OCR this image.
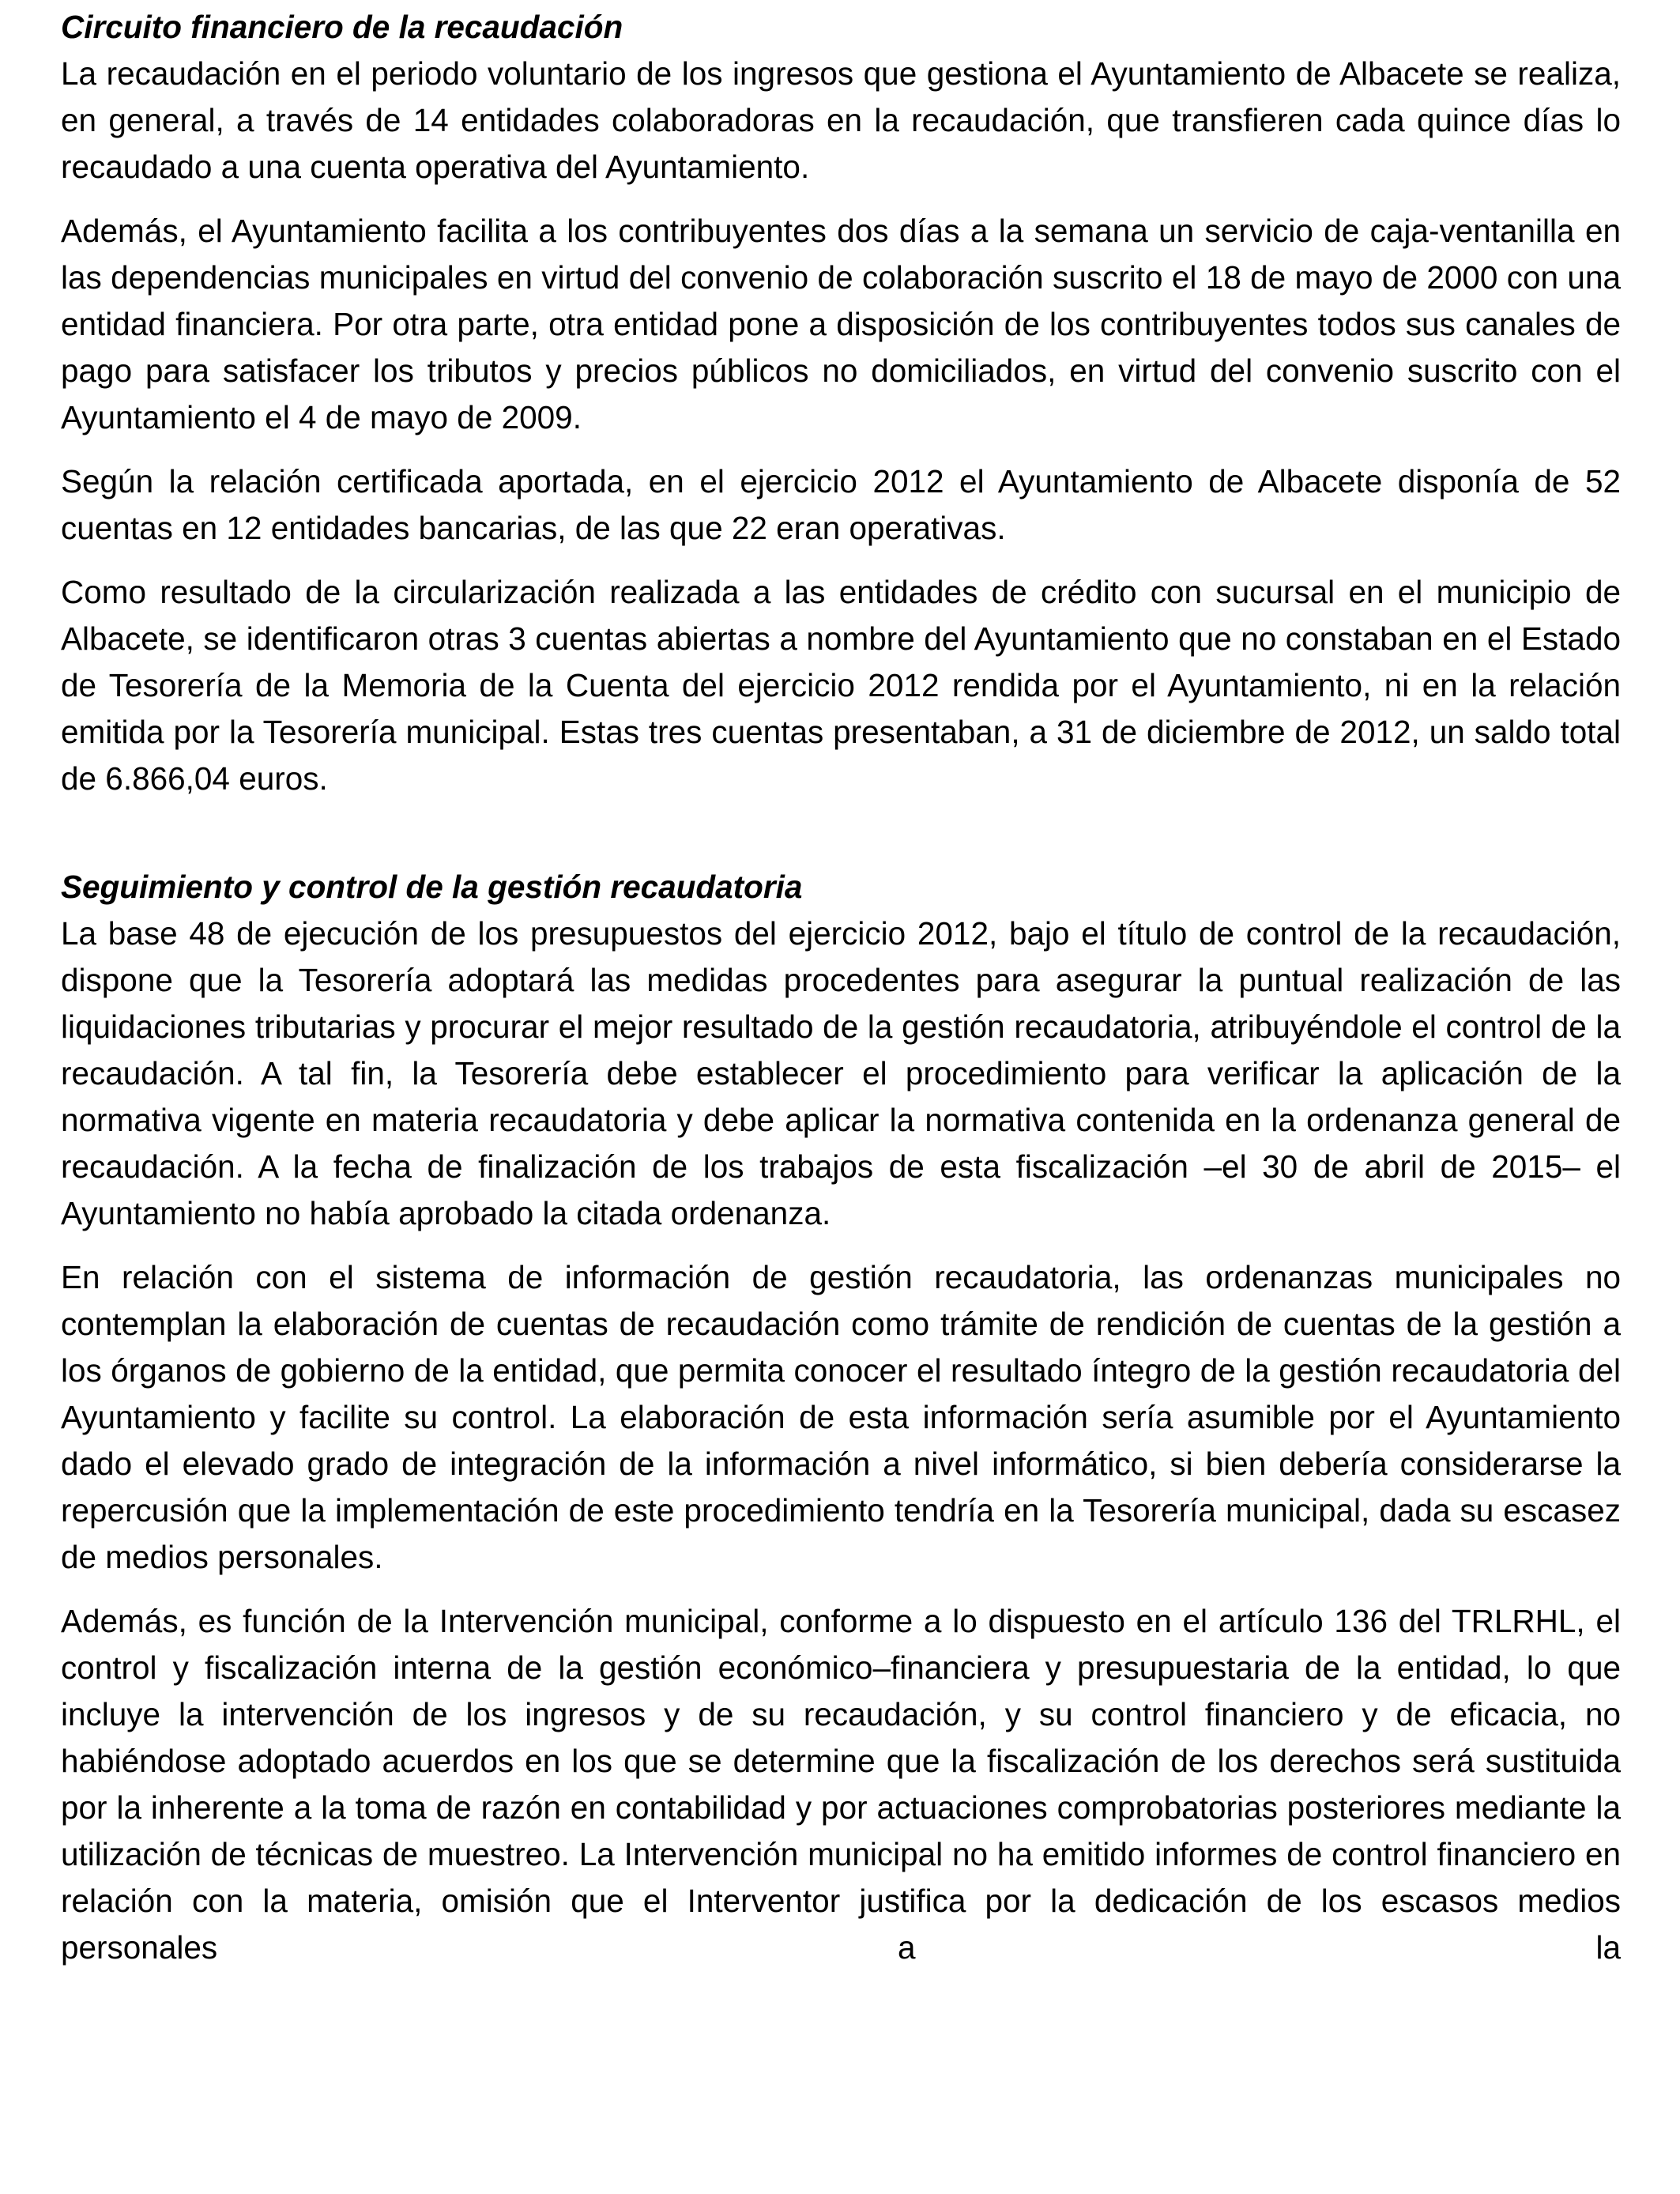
Circuito financiero de la recaudación

La recaudación en el periodo voluntario de los ingresos que gestiona el Ayuntamiento de Albacete se realiza, en general, a través de 14 entidades colaboradoras en la recaudación, que transfieren cada quince días lo recaudado a una cuenta operativa del Ayuntamiento.

Además, el Ayuntamiento facilita a los contribuyentes dos días a la semana un servicio de caja-ventanilla en las dependencias municipales en virtud del convenio de colaboración suscrito el 18 de mayo de 2000 con una entidad financiera. Por otra parte, otra entidad pone a disposición de los contribuyentes todos sus canales de pago para satisfacer los tributos y precios públicos no domiciliados, en virtud del convenio suscrito con el Ayuntamiento el 4 de mayo de 2009.

Según la relación certificada aportada, en el ejercicio 2012 el Ayuntamiento de Albacete disponía de 52 cuentas en 12 entidades bancarias, de las que 22 eran operativas.

Como resultado de la circularización realizada a las entidades de crédito con sucursal en el municipio de Albacete, se identificaron otras 3 cuentas abiertas a nombre del Ayuntamiento que no constaban en el Estado de Tesorería de la Memoria de la Cuenta del ejercicio 2012 rendida por el Ayuntamiento, ni en la relación emitida por la Tesorería municipal. Estas tres cuentas presentaban, a 31 de diciembre de 2012, un saldo total de 6.866,04 euros.

Seguimiento y control de la gestión recaudatoria

La base 48 de ejecución de los presupuestos del ejercicio 2012, bajo el título de control de la recaudación, dispone que la Tesorería adoptará las medidas procedentes para asegurar la puntual realización de las liquidaciones tributarias y procurar el mejor resultado de la gestión recaudatoria, atribuyéndole el control de la recaudación. A tal fin, la Tesorería debe establecer el procedimiento para verificar la aplicación de la normativa vigente en materia recaudatoria y debe aplicar la normativa contenida en la ordenanza general de recaudación. A la fecha de finalización de los trabajos de esta fiscalización –el 30 de abril de 2015– el Ayuntamiento no había aprobado la citada ordenanza.

En relación con el sistema de información de gestión recaudatoria, las ordenanzas municipales no contemplan la elaboración de cuentas de recaudación como trámite de rendición de cuentas de la gestión a los órganos de gobierno de la entidad, que permita conocer el resultado íntegro de la gestión recaudatoria del Ayuntamiento y facilite su control. La elaboración de esta información sería asumible por el Ayuntamiento dado el elevado grado de integración de la información a nivel informático, si bien debería considerarse la repercusión que la implementación de este procedimiento tendría en la Tesorería municipal, dada su escasez de medios personales.

Además, es función de la Intervención municipal, conforme a lo dispuesto en el artículo 136 del TRLRHL, el control y fiscalización interna de la gestión económico–financiera y presupuestaria de la entidad, lo que incluye la intervención de los ingresos y de su recaudación, y su control financiero y de eficacia, no habiéndose adoptado acuerdos en los que se determine que la fiscalización de los derechos será sustituida por la inherente a la toma de razón en contabilidad y por actuaciones comprobatorias posteriores mediante la utilización de técnicas de muestreo. La Intervención municipal no ha emitido informes de control financiero en relación con la materia, omisión que el Interventor justifica por la dedicación de los escasos medios personales a la
